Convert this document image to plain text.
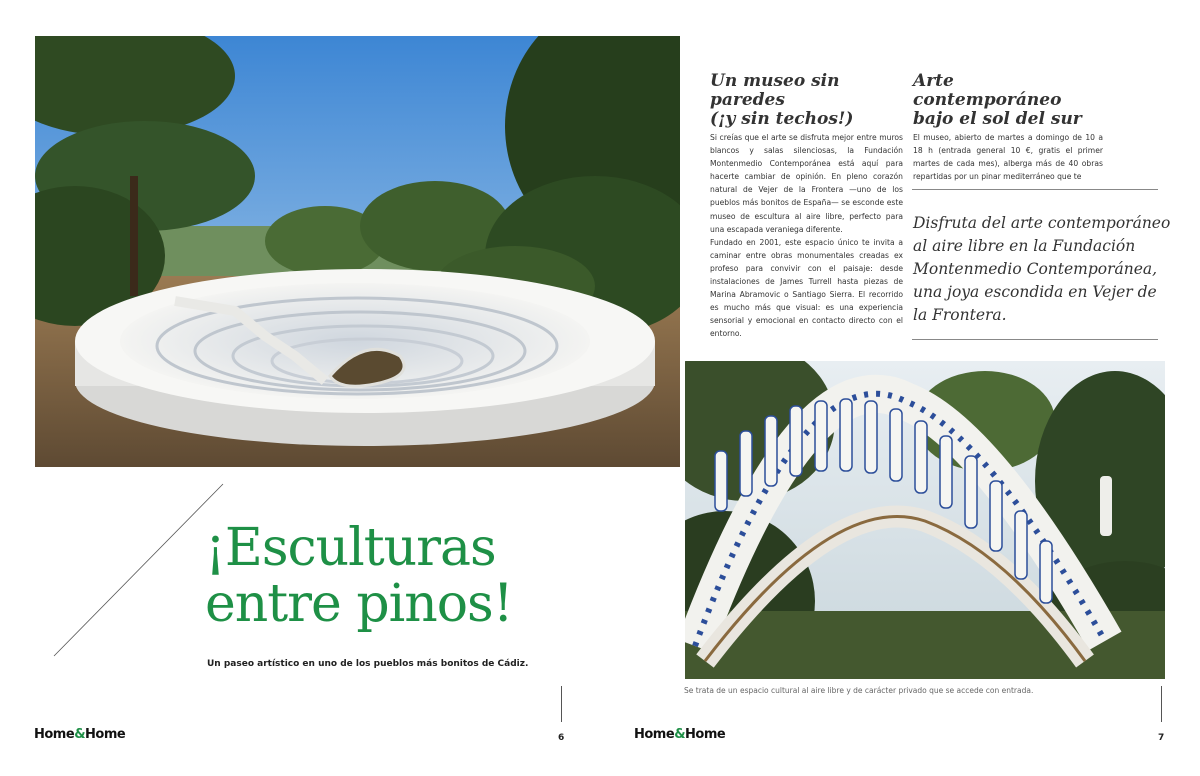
¡Esculturas
entre pinos!
Un paseo artístico en uno de los pueblos más bonitos de Cádiz.
Un museo sin paredes
(¡y sin techos!)

Si creías que el arte se disfruta mejor entre muros blancos y salas silenciosas, la Fundación Montenmedio Contemporánea está aquí para hacerte cambiar de opinión. En pleno corazón natural de Vejer de la Frontera —uno de los pueblos más bonitos de España— se esconde este museo de escultura al aire libre, perfecto para una escapada veraniega diferente.

Fundado en 2001, este espacio único te invita a caminar entre obras monumentales creadas ex profeso para convivir con el paisaje: desde instalaciones de James Turrell hasta piezas de Marina Abramovic o Santiago Sierra. El recorrido es mucho más que visual: es una experiencia sensorial y emocional en contacto directo con el entorno.

Arte contemporáneo
bajo el sol del sur

El museo, abierto de martes a domingo de 10 a 18 h (entrada general 10 €, gratis el primer martes de cada mes), alberga más de 40 obras repartidas por un pinar mediterráneo que te

Disfruta del arte contemporáneo al aire libre en la Fundación Montenmedio Contemporánea, una joya escondida en Vejer de la Frontera.

Se trata de un espacio cultural al aire libre y de carácter privado que se accede con entrada.
Home&Home	6	Home&Home	7
